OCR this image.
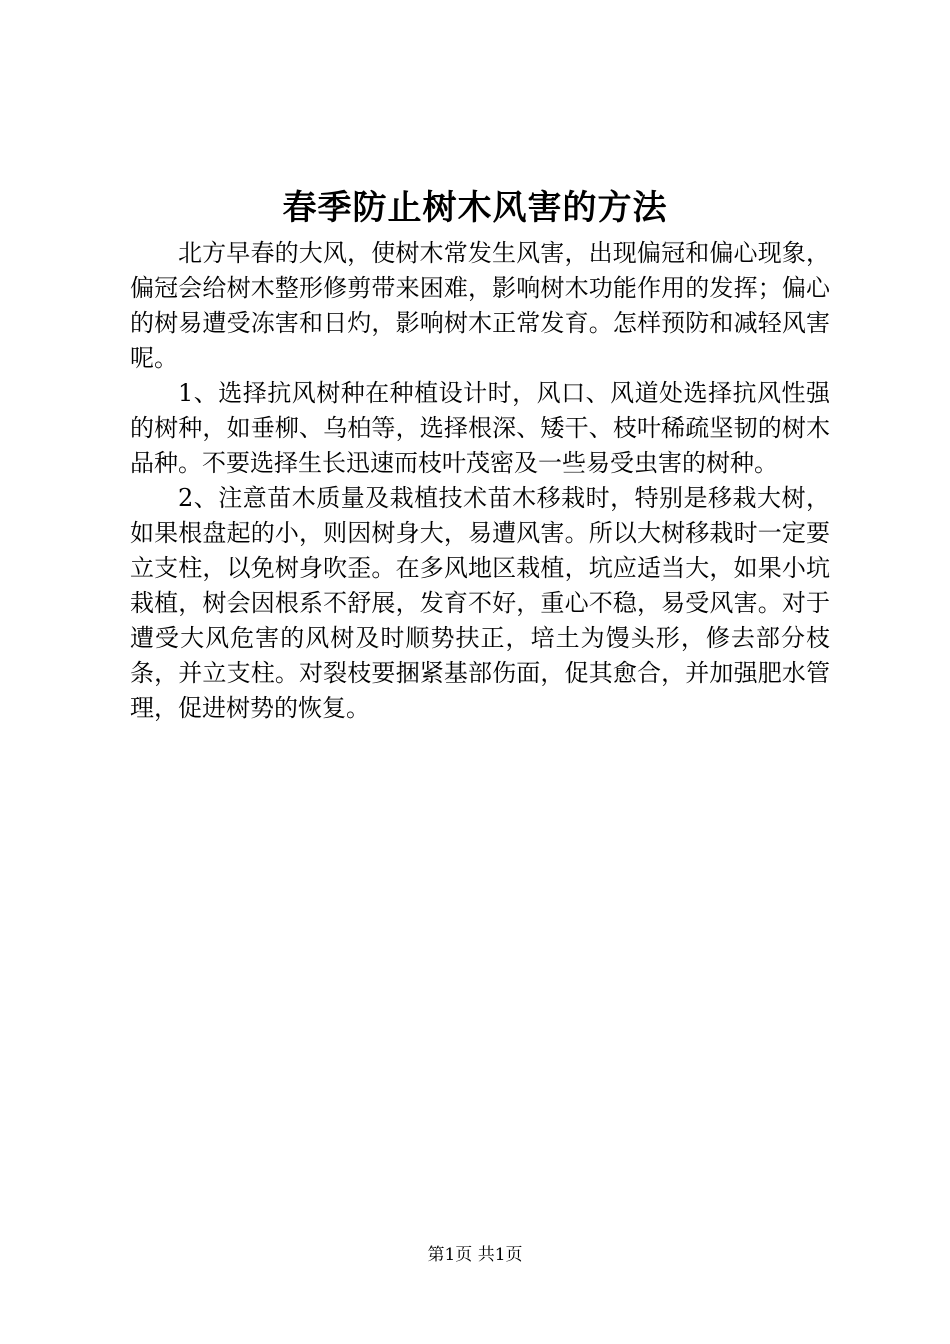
春季防止树木风害的方法

北方早春的大风，使树木常发生风害，出现偏冠和偏心现象，偏冠会给树木整形修剪带来困难，影响树木功能作用的发挥；偏心的树易遭受冻害和日灼，影响树木正常发育。怎样预防和减轻风害呢。

1、选择抗风树种在种植设计时，风口、风道处选择抗风性强的树种，如垂柳、乌柏等，选择根深、矮干、枝叶稀疏坚韧的树木品种。不要选择生长迅速而枝叶茂密及一些易受虫害的树种。

2、注意苗木质量及栽植技术苗木移栽时，特别是移栽大树，如果根盘起的小，则因树身大，易遭风害。所以大树移栽时一定要立支柱，以免树身吹歪。在多风地区栽植，坑应适当大，如果小坑栽植，树会因根系不舒展，发育不好，重心不稳，易受风害。对于遭受大风危害的风树及时顺势扶正，培土为馒头形，修去部分枝条，并立支柱。对裂枝要捆紧基部伤面，促其愈合，并加强肥水管理，促进树势的恢复。

第1页 共1页
